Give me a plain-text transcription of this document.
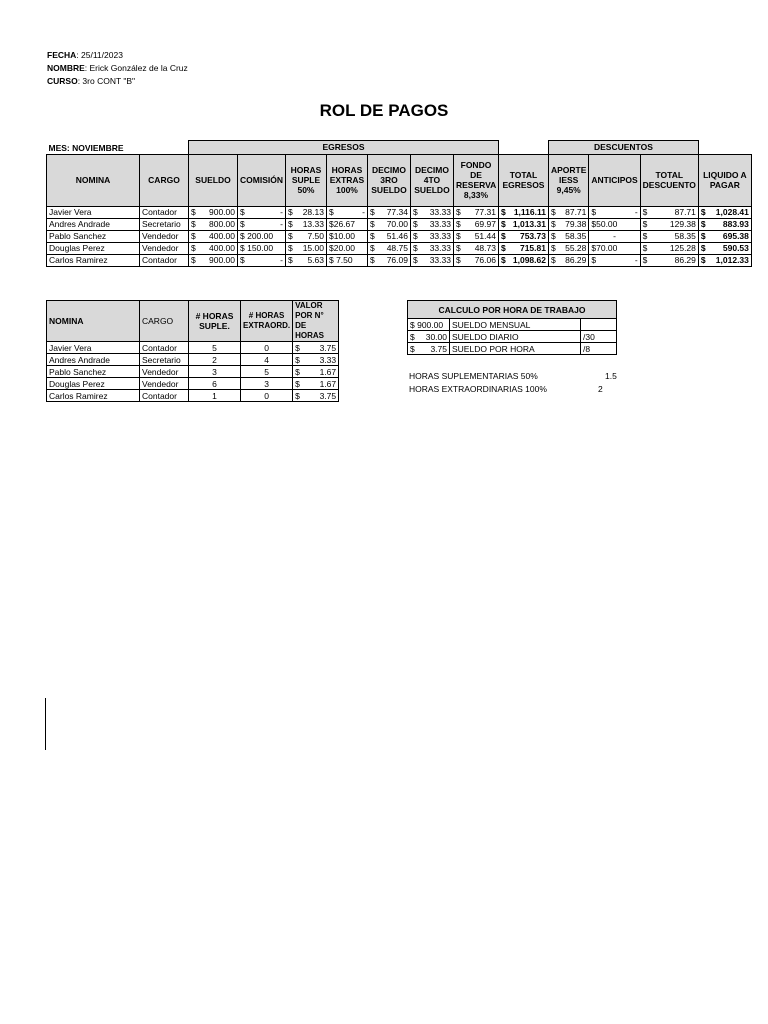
FECHA: 25/11/2023
NOMBRE: Erick González de la Cruz
CURSO: 3ro CONT "B"
ROL DE PAGOS
MES: NOVIEMBRE		EGRESOS								DESCUENTOS			
NOMINA	CARGO	SUELDO	COMISIÓN	HORAS SUPLE 50%	HORAS EXTRAS 100%	DECIMO 3RO SUELDO	DECIMO 4TO SUELDO	FONDO DE RESERVA 8,33%	TOTAL EGRESOS	APORTE IESS 9,45%	ANTICIPOS	TOTAL DESCUENTO	LIQUIDO A PAGAR
Javier Vera	Contador	$ 900.00	$ -	$ 28.13	$ -	$ 77.34	$ 33.33	$ 77.31	$ 1,116.11	$ 87.71	$ -	$ 87.71	$ 1,028.41

Andres Andrade	Secretario	$ 800.00	$ -	$ 13.33	$26.67	$ 70.00	$ 33.33	$ 69.97	$ 1,013.31	$ 79.38	$50.00	$ 129.38	$ 883.93

Pablo Sanchez	Vendedor	$ 400.00	$ 200.00	$ 7.50	$10.00	$ 51.46	$ 33.33	$ 51.44	$ 753.73	$ 58.35	-	$ 58.35	$ 695.38

Douglas Perez	Vendedor	$ 400.00	$ 150.00	$ 15.00	$20.00	$ 48.75	$ 33.33	$ 48.73	$ 715.81	$ 55.28	$70.00	$ 125.28	$ 590.53

Carlos Ramirez	Contador	$ 900.00	$ -	$ 5.63	$ 7.50	$ 76.09	$ 33.33	$ 76.06	$ 1,098.62	$ 86.29	$ -	$ 86.29	$ 1,012.33
NOMINA	CARGO	# HORAS SUPLE.	# HORAS EXTRAORD.	VALOR POR N° DE HORAS
Javier Vera	Contador	5	0	$ 3.75

Andres Andrade	Secretario	2	4	$ 3.33

Pablo Sanchez	Vendedor	3	5	$ 1.67

Douglas Perez	Vendedor	6	3	$ 1.67

Carlos Ramirez	Contador	1	0	$ 3.75
CALCULO POR HORA DE TRABAJO		

$ 900.00	SUELDO MENSUAL	

$ 30.00	SUELDO DIARIO	/30

$ 3.75	SUELDO POR HORA	/8
HORAS SUPLEMENTARIAS 50%	1.5
HORAS EXTRAORDINARIAS 100%	2
